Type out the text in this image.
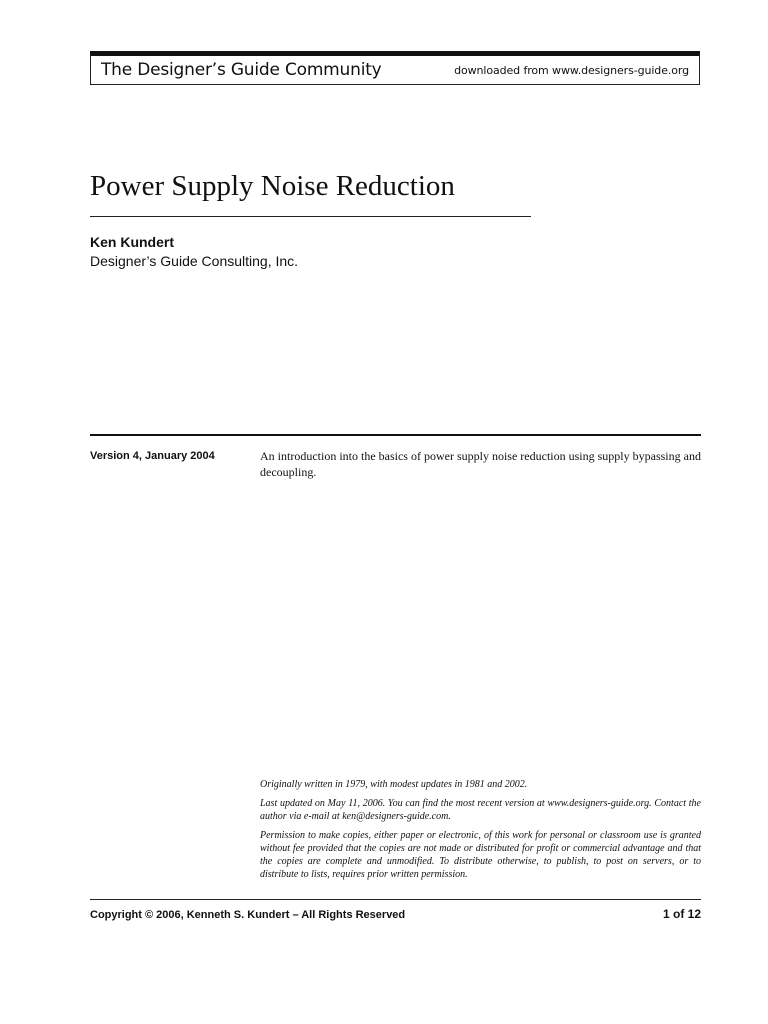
The Designer’s Guide Community	downloaded from www.designers-guide.org
Power Supply Noise Reduction
Ken Kundert
Designer’s Guide Consulting, Inc.
Version 4, January 2004	An introduction into the basics of power supply noise reduction using supply bypassing and decoupling.

Originally written in 1979, with modest updates in 1981 and 2002.

Last updated on May 11, 2006. You can find the most recent version at www.designers-guide.org. Contact the author via e-mail at ken@designers-guide.com.

Permission to make copies, either paper or electronic, of this work for personal or classroom use is granted without fee provided that the copies are not made or distributed for profit or commercial advantage and that the copies are complete and unmodified. To distribute otherwise, to publish, to post on servers, or to distribute to lists, requires prior written permission.

Copyright © 2006, Kenneth S. Kundert – All Rights Reserved	1 of 12
